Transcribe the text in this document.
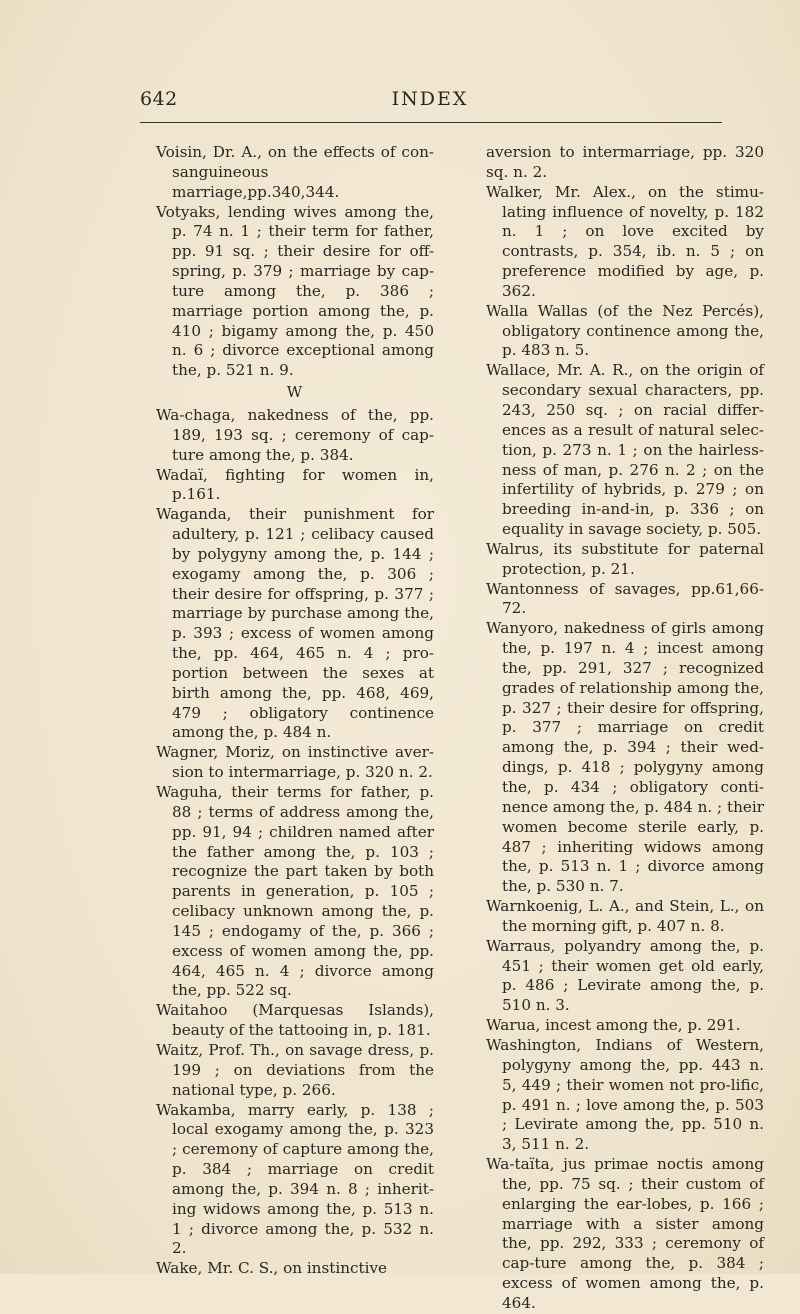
642	INDEX

Voisin, Dr. A., on the effects of con-sanguineous marriage,pp.340,344.

Votyaks, lending wives among the, p. 74 n. 1 ; their term for father, pp. 91 sq. ; their desire for off-spring, p. 379 ; marriage by cap-ture among the, p. 386 ; marriage portion among the, p. 410 ; bigamy among the, p. 450 n. 6 ; divorce exceptional among the, p. 521 n. 9.

W

Wa-chaga, nakedness of the, pp. 189, 193 sq. ; ceremony of cap-ture among the, p. 384.

Wadaï, fighting for women in, p.161.

Waganda, their punishment for adultery, p. 121 ; celibacy caused by polygyny among the, p. 144 ; exogamy among the, p. 306 ; their desire for offspring, p. 377 ; marriage by purchase among the, p. 393 ; excess of women among the, pp. 464, 465 n. 4 ; pro-portion between the sexes at birth among the, pp. 468, 469, 479 ; obligatory continence among the, p. 484 n.

Wagner, Moriz, on instinctive aver-sion to intermarriage, p. 320 n. 2.

Waguha, their terms for father, p. 88 ; terms of address among the, pp. 91, 94 ; children named after the father among the, p. 103 ; recognize the part taken by both parents in generation, p. 105 ; celibacy unknown among the, p. 145 ; endogamy of the, p. 366 ; excess of women among the, pp. 464, 465 n. 4 ; divorce among the, pp. 522 sq.

Waitahoo (Marquesas Islands), beauty of the tattooing in, p. 181.

Waitz, Prof. Th., on savage dress, p. 199 ; on deviations from the national type, p. 266.

Wakamba, marry early, p. 138 ; local exogamy among the, p. 323 ; ceremony of capture among the, p. 384 ; marriage on credit among the, p. 394 n. 8 ; inherit-ing widows among the, p. 513 n. 1 ; divorce among the, p. 532 n. 2.

Wake, Mr. C. S., on instinctive

aversion to intermarriage, pp. 320 sq. n. 2.

Walker, Mr. Alex., on the stimu-lating influence of novelty, p. 182 n. 1 ; on love excited by contrasts, p. 354, ib. n. 5 ; on preference modified by age, p. 362.

Walla Wallas (of the Nez Percés), obligatory continence among the, p. 483 n. 5.

Wallace, Mr. A. R., on the origin of secondary sexual characters, pp. 243, 250 sq. ; on racial differ-ences as a result of natural selec-tion, p. 273 n. 1 ; on the hairless-ness of man, p. 276 n. 2 ; on the infertility of hybrids, p. 279 ; on breeding in-and-in, p. 336 ; on equality in savage society, p. 505.

Walrus, its substitute for paternal protection, p. 21.

Wantonness of savages, pp.61,66-72.

Wanyoro, nakedness of girls among the, p. 197 n. 4 ; incest among the, pp. 291, 327 ; recognized grades of relationship among the, p. 327 ; their desire for offspring, p. 377 ; marriage on credit among the, p. 394 ; their wed-dings, p. 418 ; polygyny among the, p. 434 ; obligatory conti-nence among the, p. 484 n. ; their women become sterile early, p. 487 ; inheriting widows among the, p. 513 n. 1 ; divorce among the, p. 530 n. 7.

Warnkoenig, L. A., and Stein, L., on the morning gift, p. 407 n. 8.

Warraus, polyandry among the, p. 451 ; their women get old early, p. 486 ; Levirate among the, p. 510 n. 3.

Warua, incest among the, p. 291.

Washington, Indians of Western, polygyny among the, pp. 443 n. 5, 449 ; their women not pro-lific, p. 491 n. ; love among the, p. 503 ; Levirate among the, pp. 510 n. 3, 511 n. 2.

Wa-taïta, jus primae noctis among the, pp. 75 sq. ; their custom of enlarging the ear-lobes, p. 166 ; marriage with a sister among the, pp. 292, 333 ; ceremony of cap-ture among the, p. 384 ; excess of women among the, p. 464.
